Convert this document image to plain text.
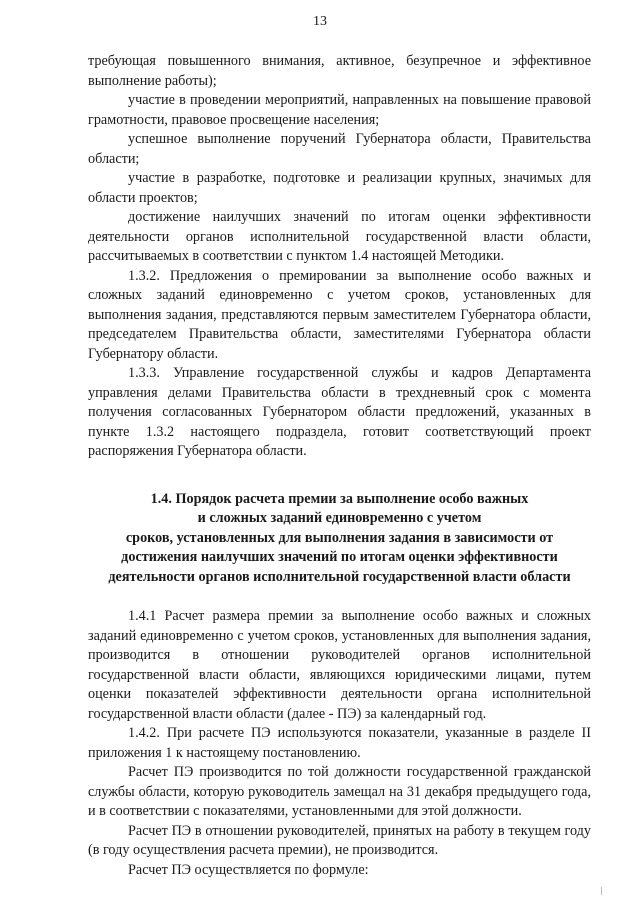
13

требующая повышенного внимания, активное, безупречное и эффективное выполнение работы);

участие в проведении мероприятий, направленных на повышение правовой грамотности, правовое просвещение населения;

успешное выполнение поручений Губернатора области, Правительства области;

участие в разработке, подготовке и реализации крупных, значимых для области проектов;

достижение наилучших значений по итогам оценки эффективности деятельности органов исполнительной государственной власти области, рассчитываемых в соответствии с пунктом 1.4 настоящей Методики.

1.3.2. Предложения о премировании за выполнение особо важных и сложных заданий единовременно с учетом сроков, установленных для выполнения задания, представляются первым заместителем Губернатора области, председателем Правительства области, заместителями Губернатора области Губернатору области.

1.3.3. Управление государственной службы и кадров Департамента управления делами Правительства области в трехдневный срок с момента получения согласованных Губернатором области предложений, указанных в пункте 1.3.2 настоящего подраздела, готовит соответствующий проект распоряжения Губернатора области.

1.4. Порядок расчета премии за выполнение особо важных
и сложных заданий единовременно с учетом
сроков, установленных для выполнения задания в зависимости от
достижения наилучших значений по итогам оценки эффективности
деятельности органов исполнительной государственной власти области

1.4.1 Расчет размера премии за выполнение особо важных и сложных заданий единовременно с учетом сроков, установленных для выполнения задания, производится в отношении руководителей органов исполнительной государственной власти области, являющихся юридическими лицами, путем оценки показателей эффективности деятельности органа исполнительной государственной власти области (далее - ПЭ) за календарный год.

1.4.2. При расчете ПЭ используются показатели, указанные в разделе II приложения 1 к настоящему постановлению.

Расчет ПЭ производится по той должности государственной гражданской службы области, которую руководитель замещал на 31 декабря предыдущего года, и в соответствии с показателями, установленными для этой должности.

Расчет ПЭ в отношении руководителей, принятых на работу в текущем году (в году осуществления расчета премии), не производится.

Расчет ПЭ осуществляется по формуле:
